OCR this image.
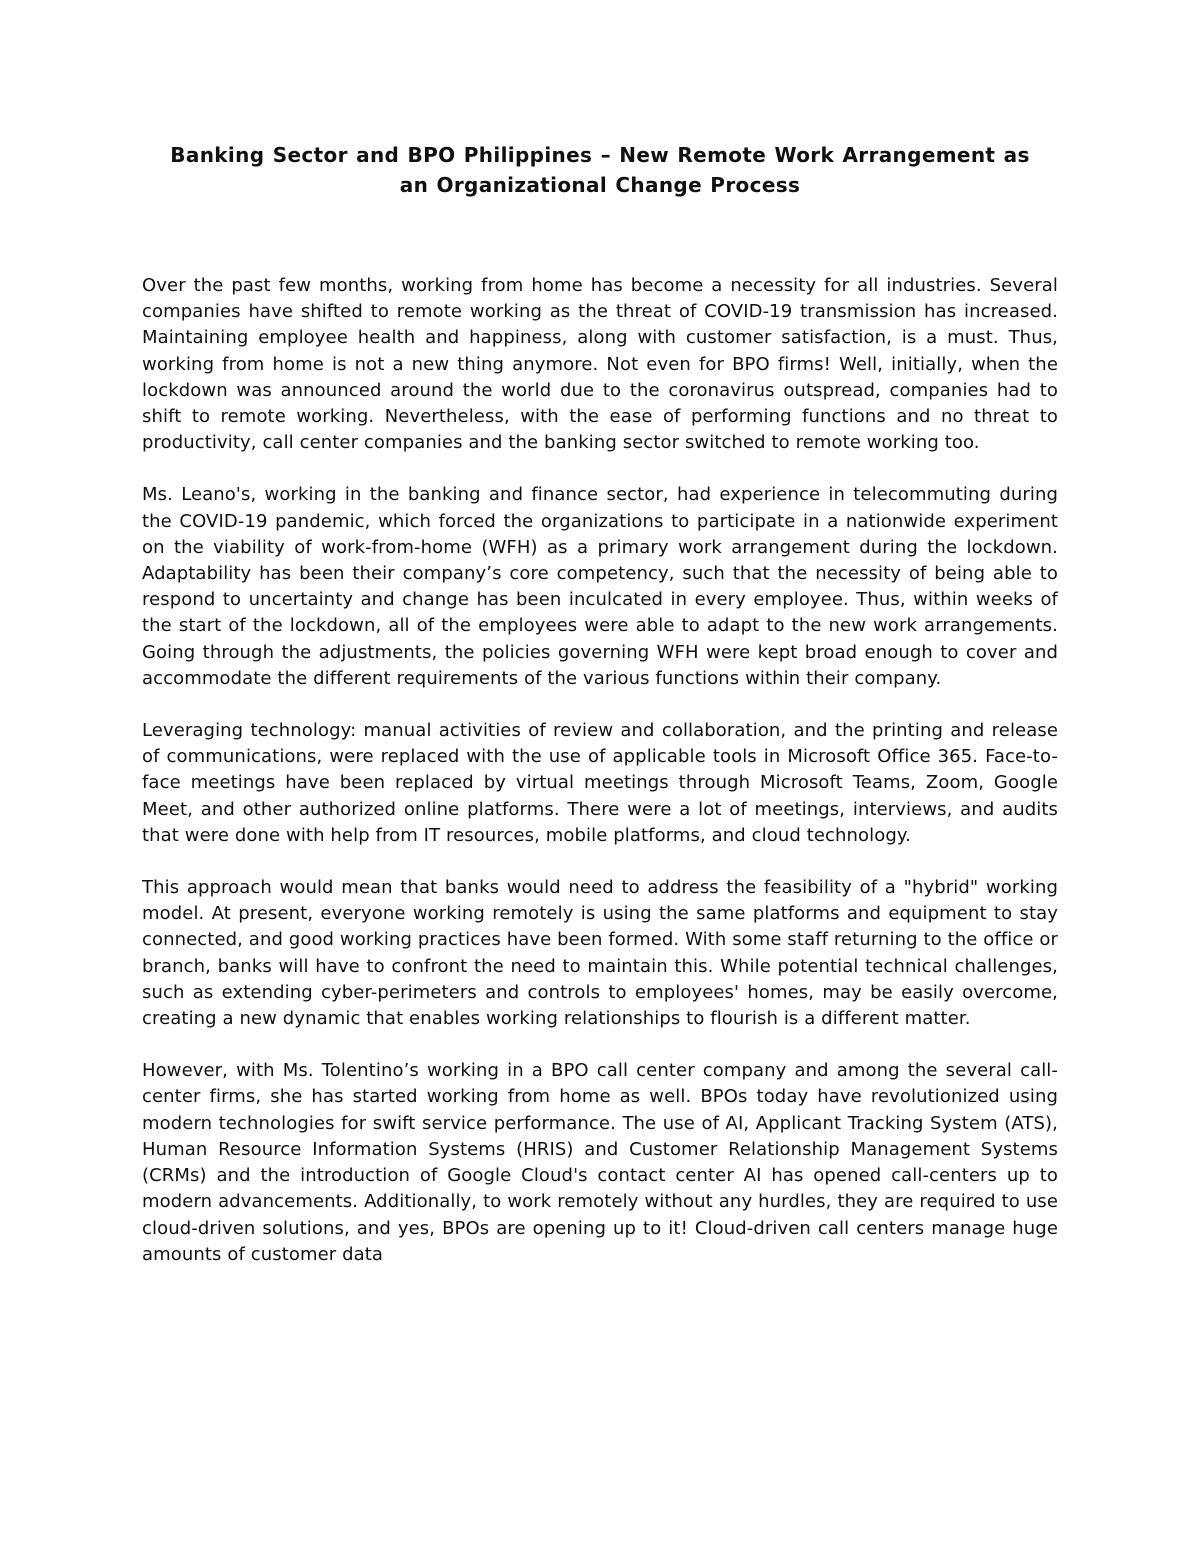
Banking Sector and BPO Philippines – New Remote Work Arrangement as
an Organizational Change Process

Over the past few months, working from home has become a necessity for all industries. Several companies have shifted to remote working as the threat of COVID-19 transmission has increased. Maintaining employee health and happiness, along with customer satisfaction, is a must. Thus, working from home is not a new thing anymore. Not even for BPO firms! Well, initially, when the lockdown was announced around the world due to the coronavirus outspread, companies had to shift to remote working. Nevertheless, with the ease of performing functions and no threat to productivity, call center companies and the banking sector switched to remote working too.

Ms. Leano's, working in the banking and finance sector, had experience in telecommuting during the COVID-19 pandemic, which forced the organizations to participate in a nationwide experiment on the viability of work-from-home (WFH) as a primary work arrangement during the lockdown. Adaptability has been their company’s core competency, such that the necessity of being able to respond to uncertainty and change has been inculcated in every employee. Thus, within weeks of the start of the lockdown, all of the employees were able to adapt to the new work arrangements. Going through the adjustments, the policies governing WFH were kept broad enough to cover and accommodate the different requirements of the various functions within their company.

Leveraging technology: manual activities of review and collaboration, and the printing and release of communications, were replaced with the use of applicable tools in Microsoft Office 365. Face-to-face meetings have been replaced by virtual meetings through Microsoft Teams, Zoom, Google Meet, and other authorized online platforms. There were a lot of meetings, interviews, and audits that were done with help from IT resources, mobile platforms, and cloud technology.

This approach would mean that banks would need to address the feasibility of a "hybrid" working model. At present, everyone working remotely is using the same platforms and equipment to stay connected, and good working practices have been formed. With some staff returning to the office or branch, banks will have to confront the need to maintain this. While potential technical challenges, such as extending cyber-perimeters and controls to employees' homes, may be easily overcome, creating a new dynamic that enables working relationships to flourish is a different matter.

However, with Ms. Tolentino’s working in a BPO call center company and among the several call-center firms, she has started working from home as well. BPOs today have revolutionized using modern technologies for swift service performance. The use of AI, Applicant Tracking System (ATS), Human Resource Information Systems (HRIS) and Customer Relationship Management Systems (CRMs) and the introduction of Google Cloud's contact center AI has opened call-centers up to modern advancements. Additionally, to work remotely without any hurdles, they are required to use cloud-driven solutions, and yes, BPOs are opening up to it! Cloud-driven call centers manage huge amounts of customer data
